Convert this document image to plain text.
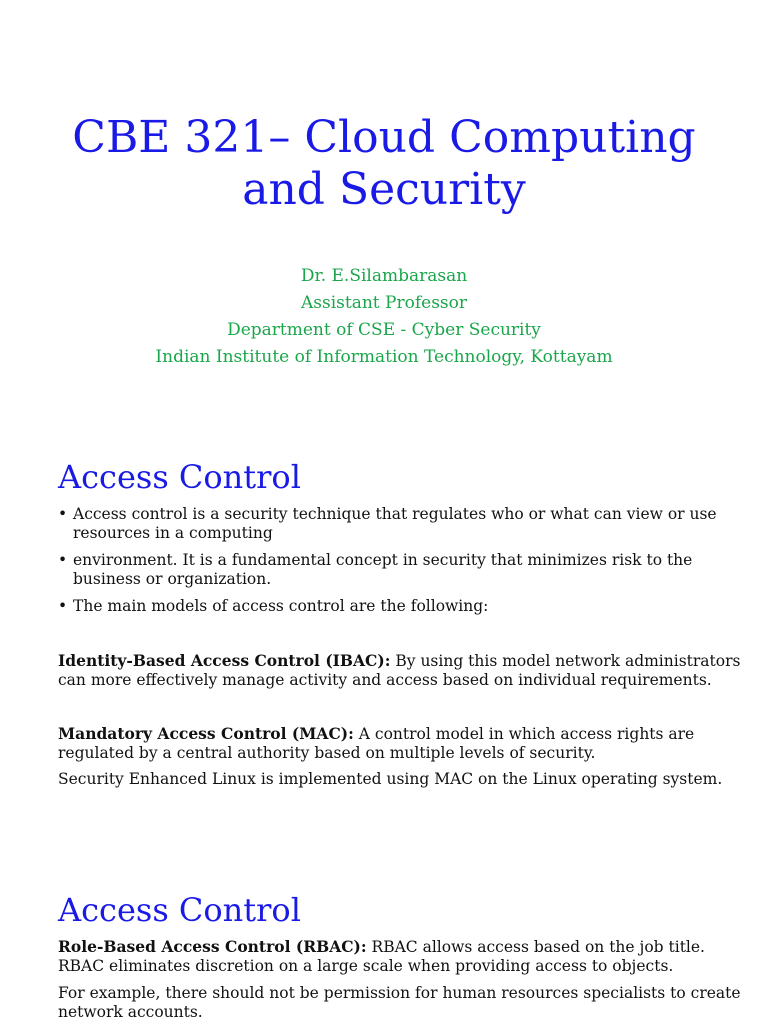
CBE 321– Cloud Computing
and Security
Dr. E.Silambarasan
Assistant Professor
Department of CSE - Cyber Security
Indian Institute of Information Technology, Kottayam
Access Control
• Access control is a security technique that regulates who or what can view or use resources in a computing
• environment. It is a fundamental concept in security that minimizes risk to the business or organization.
• The main models of access control are the following:

Identity-Based Access Control (IBAC): By using this model network administrators can more effectively manage activity and access based on individual requirements.

Mandatory Access Control (MAC): A control model in which access rights are regulated by a central authority based on multiple levels of security.

Security Enhanced Linux is implemented using MAC on the Linux operating system.

Access Control

Role-Based Access Control (RBAC): RBAC allows access based on the job title. RBAC eliminates discretion on a large scale when providing access to objects.

For example, there should not be permission for human resources specialists to create network accounts.
